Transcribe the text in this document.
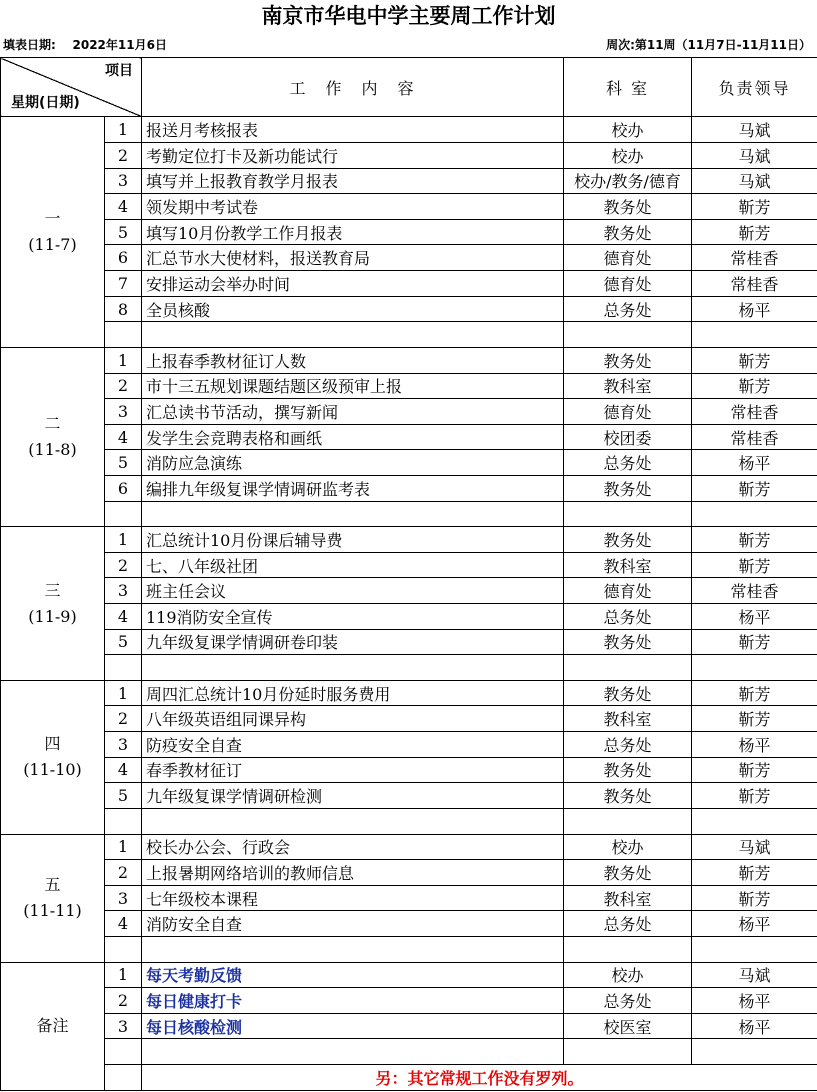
南京市华电中学主要周工作计划
填表日期:    2022年11月6日	周次:第11周（11月7日-11月11日）
项目
星期(日期)		工　作　内　容	科 室	负责领导

一
(11-7)	1	报送月考核报表	校办	马斌
	2	考勤定位打卡及新功能试行	校办	马斌
	3	填写并上报教育教学月报表	校办/教务/德育	马斌
	4	领发期中考试卷	教务处	靳芳
	5	填写10月份教学工作月报表	教务处	靳芳
	6	汇总节水大使材料，报送教育局	德育处	常桂香
	7	安排运动会举办时间	德育处	常桂香
	8	全员核酸	总务处	杨平

二
(11-8)	1	上报春季教材征订人数	教务处	靳芳
	2	市十三五规划课题结题区级预审上报	教科室	靳芳
	3	汇总读书节活动，撰写新闻	德育处	常桂香
	4	发学生会竞聘表格和画纸	校团委	常桂香
	5	消防应急演练	总务处	杨平
	6	编排九年级复课学情调研监考表	教务处	靳芳

三
(11-9)	1	汇总统计10月份课后辅导费	教务处	靳芳
	2	七、八年级社团	教科室	靳芳
	3	班主任会议	德育处	常桂香
	4	119消防安全宣传	总务处	杨平
	5	九年级复课学情调研卷印装	教务处	靳芳

四
(11-10)	1	周四汇总统计10月份延时服务费用	教务处	靳芳
	2	八年级英语组同课异构	教科室	靳芳
	3	防疫安全自查	总务处	杨平
	4	春季教材征订	教务处	靳芳
	5	九年级复课学情调研检测	教务处	靳芳

五
(11-11)	1	校长办公会、行政会	校办	马斌
	2	上报暑期网络培训的教师信息	教务处	靳芳
	3	七年级校本课程	教科室	靳芳
	4	消防安全自查	总务处	杨平

备注	1	每天考勤反馈	校办	马斌
	2	每日健康打卡	总务处	杨平
	3	每日核酸检测	校医室	杨平

		另：其它常规工作没有罗列。		
